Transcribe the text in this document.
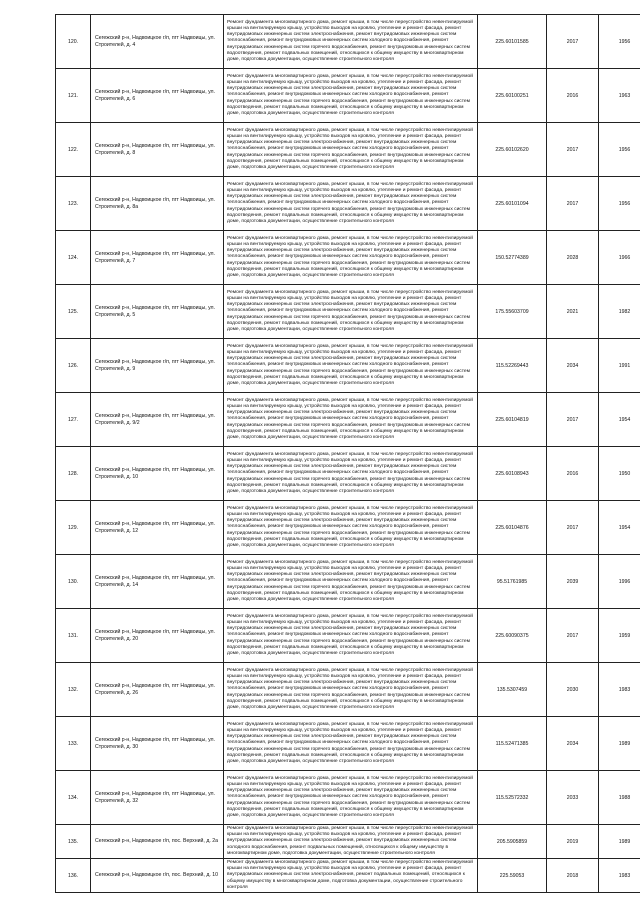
120.	Сегежский р-н, Надвоицкое г/п, пгт Надвоицы, ул. Строителей, д. 4	Ремонт фундамента многоквартирного дома, ремонт крыши, в том числе переустройство невентилируемой крыши на вентилируемую крышу, устройство выходов на кровлю, утепление и ремонт фасада, ремонт внутридомовых инженерных систем электроснабжения, ремонт внутридомовых инженерных систем теплоснабжения, ремонт внутридомовых инженерных систем холодного водоснабжения, ремонт внутридомовых инженерных систем горячего водоснабжения, ремонт внутридомовых инженерных систем водоотведения, ремонт подвальных помещений, относящихся к общему имуществу в многоквартирном доме, подготовка документации, осуществление строительного контроля	225.60101585	2017	1956
121.	Сегежский р-н, Надвоицкое г/п, пгт Надвоицы, ул. Строителей, д. 6	Ремонт фундамента многоквартирного дома, ремонт крыши, в том числе переустройство невентилируемой крыши на вентилируемую крышу, устройство выходов на кровлю, утепление и ремонт фасада, ремонт внутридомовых инженерных систем электроснабжения, ремонт внутридомовых инженерных систем теплоснабжения, ремонт внутридомовых инженерных систем холодного водоснабжения, ремонт внутридомовых инженерных систем горячего водоснабжения, ремонт внутридомовых инженерных систем водоотведения, ремонт подвальных помещений, относящихся к общему имуществу в многоквартирном доме, подготовка документации, осуществление строительного контроля	225.60100251	2016	1963
122.	Сегежский р-н, Надвоицкое г/п, пгт Надвоицы, ул. Строителей, д. 8	Ремонт фундамента многоквартирного дома, ремонт крыши, в том числе переустройство невентилируемой крыши на вентилируемую крышу, устройство выходов на кровлю, утепление и ремонт фасада, ремонт внутридомовых инженерных систем электроснабжения, ремонт внутридомовых инженерных систем теплоснабжения, ремонт внутридомовых инженерных систем холодного водоснабжения, ремонт внутридомовых инженерных систем горячего водоснабжения, ремонт внутридомовых инженерных систем водоотведения, ремонт подвальных помещений, относящихся к общему имуществу в многоквартирном доме, подготовка документации, осуществление строительного контроля	225.60102620	2017	1956
123.	Сегежский р-н, Надвоицкое г/п, пгт Надвоицы, ул. Строителей, д. 8а	Ремонт фундамента многоквартирного дома, ремонт крыши, в том числе переустройство невентилируемой крыши на вентилируемую крышу, устройство выходов на кровлю, утепление и ремонт фасада, ремонт внутридомовых инженерных систем электроснабжения, ремонт внутридомовых инженерных систем теплоснабжения, ремонт внутридомовых инженерных систем холодного водоснабжения, ремонт внутридомовых инженерных систем горячего водоснабжения, ремонт внутридомовых инженерных систем водоотведения, ремонт подвальных помещений, относящихся к общему имуществу в многоквартирном доме, подготовка документации, осуществление строительного контроля	225.60101094	2017	1956
124.	Сегежский р-н, Надвоицкое г/п, пгт Надвоицы, ул. Строителей, д. 7	Ремонт фундамента многоквартирного дома, ремонт крыши, в том числе переустройство невентилируемой крыши на вентилируемую крышу, устройство выходов на кровлю, утепление и ремонт фасада, ремонт внутридомовых инженерных систем электроснабжения, ремонт внутридомовых инженерных систем теплоснабжения, ремонт внутридомовых инженерных систем холодного водоснабжения, ремонт внутридомовых инженерных систем горячего водоснабжения, ремонт внутридомовых инженерных систем водоотведения, ремонт подвальных помещений, относящихся к общему имуществу в многоквартирном доме, подготовка документации, осуществление строительного контроля	150.52774389	2028	1966
125.	Сегежский р-н, Надвоицкое г/п, пгт Надвоицы, ул. Строителей, д. 5	Ремонт фундамента многоквартирного дома, ремонт крыши, в том числе переустройство невентилируемой крыши на вентилируемую крышу, устройство выходов на кровлю, утепление и ремонт фасада, ремонт внутридомовых инженерных систем электроснабжения, ремонт внутридомовых инженерных систем теплоснабжения, ремонт внутридомовых инженерных систем холодного водоснабжения, ремонт внутридомовых инженерных систем горячего водоснабжения, ремонт внутридомовых инженерных систем водоотведения, ремонт подвальных помещений, относящихся к общему имуществу в многоквартирном доме, подготовка документации, осуществление строительного контроля	175.55603709	2021	1982
126.	Сегежский р-н, Надвоицкое г/п, пгт Надвоицы, ул. Строителей, д. 9	Ремонт фундамента многоквартирного дома, ремонт крыши, в том числе переустройство невентилируемой крыши на вентилируемую крышу, устройство выходов на кровлю, утепление и ремонт фасада, ремонт внутридомовых инженерных систем электроснабжения, ремонт внутридомовых инженерных систем теплоснабжения, ремонт внутридомовых инженерных систем холодного водоснабжения, ремонт внутридомовых инженерных систем горячего водоснабжения, ремонт внутридомовых инженерных систем водоотведения, ремонт подвальных помещений, относящихся к общему имуществу в многоквартирном доме, подготовка документации, осуществление строительного контроля	115.52269443	2034	1991
127.	Сегежский р-н, Надвоицкое г/п, пгт Надвоицы, ул. Строителей, д. 9/2	Ремонт фундамента многоквартирного дома, ремонт крыши, в том числе переустройство невентилируемой крыши на вентилируемую крышу, устройство выходов на кровлю, утепление и ремонт фасада, ремонт внутридомовых инженерных систем электроснабжения, ремонт внутридомовых инженерных систем теплоснабжения, ремонт внутридомовых инженерных систем холодного водоснабжения, ремонт внутридомовых инженерных систем горячего водоснабжения, ремонт внутридомовых инженерных систем водоотведения, ремонт подвальных помещений, относящихся к общему имуществу в многоквартирном доме, подготовка документации, осуществление строительного контроля	225.60104819	2017	1954
128.	Сегежский р-н, Надвоицкое г/п, пгт Надвоицы, ул. Строителей, д. 10	Ремонт фундамента многоквартирного дома, ремонт крыши, в том числе переустройство невентилируемой крыши на вентилируемую крышу, устройство выходов на кровлю, утепление и ремонт фасада, ремонт внутридомовых инженерных систем электроснабжения, ремонт внутридомовых инженерных систем теплоснабжения, ремонт внутридомовых инженерных систем холодного водоснабжения, ремонт внутридомовых инженерных систем горячего водоснабжения, ремонт внутридомовых инженерных систем водоотведения, ремонт подвальных помещений, относящихся к общему имуществу в многоквартирном доме, подготовка документации, осуществление строительного контроля	225.60108943	2016	1950
129.	Сегежский р-н, Надвоицкое г/п, пгт Надвоицы, ул. Строителей, д. 12	Ремонт фундамента многоквартирного дома, ремонт крыши, в том числе переустройство невентилируемой крыши на вентилируемую крышу, устройство выходов на кровлю, утепление и ремонт фасада, ремонт внутридомовых инженерных систем электроснабжения, ремонт внутридомовых инженерных систем теплоснабжения, ремонт внутридомовых инженерных систем холодного водоснабжения, ремонт внутридомовых инженерных систем горячего водоснабжения, ремонт внутридомовых инженерных систем водоотведения, ремонт подвальных помещений, относящихся к общему имуществу в многоквартирном доме, подготовка документации, осуществление строительного контроля	225.60104876	2017	1954
130.	Сегежский р-н, Надвоицкое г/п, пгт Надвоицы, ул. Строителей, д. 14	Ремонт фундамента многоквартирного дома, ремонт крыши, в том числе переустройство невентилируемой крыши на вентилируемую крышу, устройство выходов на кровлю, утепление и ремонт фасада, ремонт внутридомовых инженерных систем электроснабжения, ремонт внутридомовых инженерных систем теплоснабжения, ремонт внутридомовых инженерных систем холодного водоснабжения, ремонт внутридомовых инженерных систем горячего водоснабжения, ремонт внутридомовых инженерных систем водоотведения, ремонт подвальных помещений, относящихся к общему имуществу в многоквартирном доме, подготовка документации, осуществление строительного контроля	95.51761985	2039	1996
131.	Сегежский р-н, Надвоицкое г/п, пгт Надвоицы, ул. Строителей, д. 20	Ремонт фундамента многоквартирного дома, ремонт крыши, в том числе переустройство невентилируемой крыши на вентилируемую крышу, устройство выходов на кровлю, утепление и ремонт фасада, ремонт внутридомовых инженерных систем электроснабжения, ремонт внутридомовых инженерных систем теплоснабжения, ремонт внутридомовых инженерных систем холодного водоснабжения, ремонт внутридомовых инженерных систем горячего водоснабжения, ремонт внутридомовых инженерных систем водоотведения, ремонт подвальных помещений, относящихся к общему имуществу в многоквартирном доме, подготовка документации, осуществление строительного контроля	225.60090375	2017	1959
132.	Сегежский р-н, Надвоицкое г/п, пгт Надвоицы, ул. Строителей, д. 26	Ремонт фундамента многоквартирного дома, ремонт крыши, в том числе переустройство невентилируемой крыши на вентилируемую крышу, устройство выходов на кровлю, утепление и ремонт фасада, ремонт внутридомовых инженерных систем электроснабжения, ремонт внутридомовых инженерных систем теплоснабжения, ремонт внутридомовых инженерных систем холодного водоснабжения, ремонт внутридомовых инженерных систем горячего водоснабжения, ремонт внутридомовых инженерных систем водоотведения, ремонт подвальных помещений, относящихся к общему имуществу в многоквартирном доме, подготовка документации, осуществление строительного контроля	135.5307459	2030	1983
133.	Сегежский р-н, Надвоицкое г/п, пгт Надвоицы, ул. Строителей, д. 30	Ремонт фундамента многоквартирного дома, ремонт крыши, в том числе переустройство невентилируемой крыши на вентилируемую крышу, устройство выходов на кровлю, утепление и ремонт фасада, ремонт внутридомовых инженерных систем электроснабжения, ремонт внутридомовых инженерных систем теплоснабжения, ремонт внутридомовых инженерных систем холодного водоснабжения, ремонт внутридомовых инженерных систем горячего водоснабжения, ремонт внутридомовых инженерных систем водоотведения, ремонт подвальных помещений, относящихся к общему имуществу в многоквартирном доме, подготовка документации, осуществление строительного контроля	115.52471385	2034	1989
134.	Сегежский р-н, Надвоицкое г/п, пгт Надвоицы, ул. Строителей, д. 32	Ремонт фундамента многоквартирного дома, ремонт крыши, в том числе переустройство невентилируемой крыши на вентилируемую крышу, устройство выходов на кровлю, утепление и ремонт фасада, ремонт внутридомовых инженерных систем электроснабжения, ремонт внутридомовых инженерных систем теплоснабжения, ремонт внутридомовых инженерных систем холодного водоснабжения, ремонт внутридомовых инженерных систем горячего водоснабжения, ремонт внутридомовых инженерных систем водоотведения, ремонт подвальных помещений, относящихся к общему имуществу в многоквартирном доме, подготовка документации, осуществление строительного контроля	115.52572332	2033	1988
135.	Сегежский р-н, Надвоицкое г/п, пос. Верхний, д. 2а	Ремонт фундамента многоквартирного дома, ремонт крыши, в том числе переустройство невентилируемой крыши на вентилируемую крышу, устройство выходов на кровлю, утепление и ремонт фасада, ремонт внутридомовых инженерных систем электроснабжения, ремонт внутридомовых инженерных систем холодного водоснабжения, ремонт подвальных помещений, относящихся к общему имуществу в многоквартирном доме, подготовка документации, осуществление строительного контроля	205.5905859	2019	1989
136.	Сегежский р-н, Надвоицкое г/п, пос. Верхний, д. 10	Ремонт фундамента многоквартирного дома, ремонт крыши, в том числе переустройство невентилируемой крыши на вентилируемую крышу, устройство выходов на кровлю, утепление и ремонт фасада, ремонт внутридомовых инженерных систем электроснабжения, ремонт подвальных помещений, относящихся к общему имуществу в многоквартирном доме, подготовка документации, осуществление строительного контроля	225.59053	2018	1983
